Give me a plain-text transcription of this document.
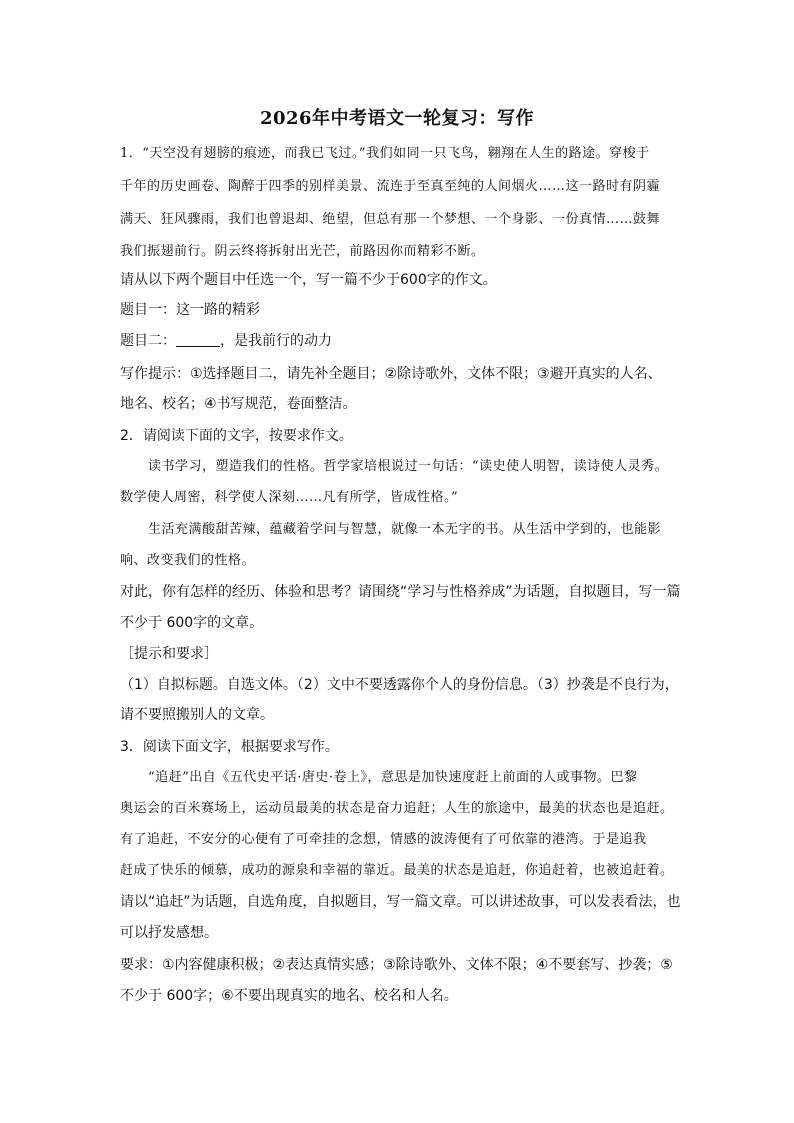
2026年中考语文一轮复习：写作
1．“天空没有翅膀的痕迹，而我已飞过。”我们如同一只飞鸟，翱翔在人生的路途。穿梭于
千年的历史画卷、陶醉于四季的别样美景、流连于至真至纯的人间烟火……这一路时有阴霾
满天、狂风骤雨，我们也曾退却、绝望，但总有那一个梦想、一个身影、一份真情……鼓舞
我们振翅前行。阴云终将拆射出光芒，前路因你而精彩不断。
请从以下两个题目中任选一个，写一篇不少于600字的作文。
题目一：这一路的精彩
题目二：	，是我前行的动力
写作提示：①选择题目二，请先补全题目；②除诗歌外，文体不限；③避开真实的人名、
地名、校名；④书写规范，卷面整洁。
2．请阅读下面的文字，按要求作文。
读书学习，塑造我们的性格。哲学家培根说过一句话：“读史使人明智，读诗使人灵秀。
数学使人周密，科学使人深刻……凡有所学，皆成性格。”
生活充满酸甜苦辣，蕴藏着学问与智慧，就像一本无字的书。从生活中学到的，也能影
响、改变我们的性格。
对此，你有怎样的经历、体验和思考？请围绕“学习与性格养成”为话题，自拟题目，写一篇
不少于 600字的文章。
［提示和要求］
（1）自拟标题。自选文体。（2）文中不要透露你个人的身份信息。（3）抄袭是不良行为，
请不要照搬别人的文章。
3．阅读下面文字，根据要求写作。
“追赶”出自《五代史平话·唐史·卷上》，意思是加快速度赶上前面的人或事物。巴黎
奥运会的百米赛场上，运动员最美的状态是奋力追赶；人生的旅途中，最美的状态也是追赶。
有了追赶，不安分的心便有了可牵挂的念想，情感的波涛便有了可依靠的港湾。于是追我
赶成了快乐的倾慕，成功的源泉和幸福的靠近。最美的状态是追赶，你追赶着，也被追赶着。
请以“追赶”为话题，自选角度，自拟题目，写一篇文章。可以讲述故事，可以发表看法，也
可以抒发感想。
要求：①内容健康积极；②表达真情实感；③除诗歌外、文体不限；④不要套写、抄袭；⑤
不少于 600字；⑥不要出现真实的地名、校名和人名。
